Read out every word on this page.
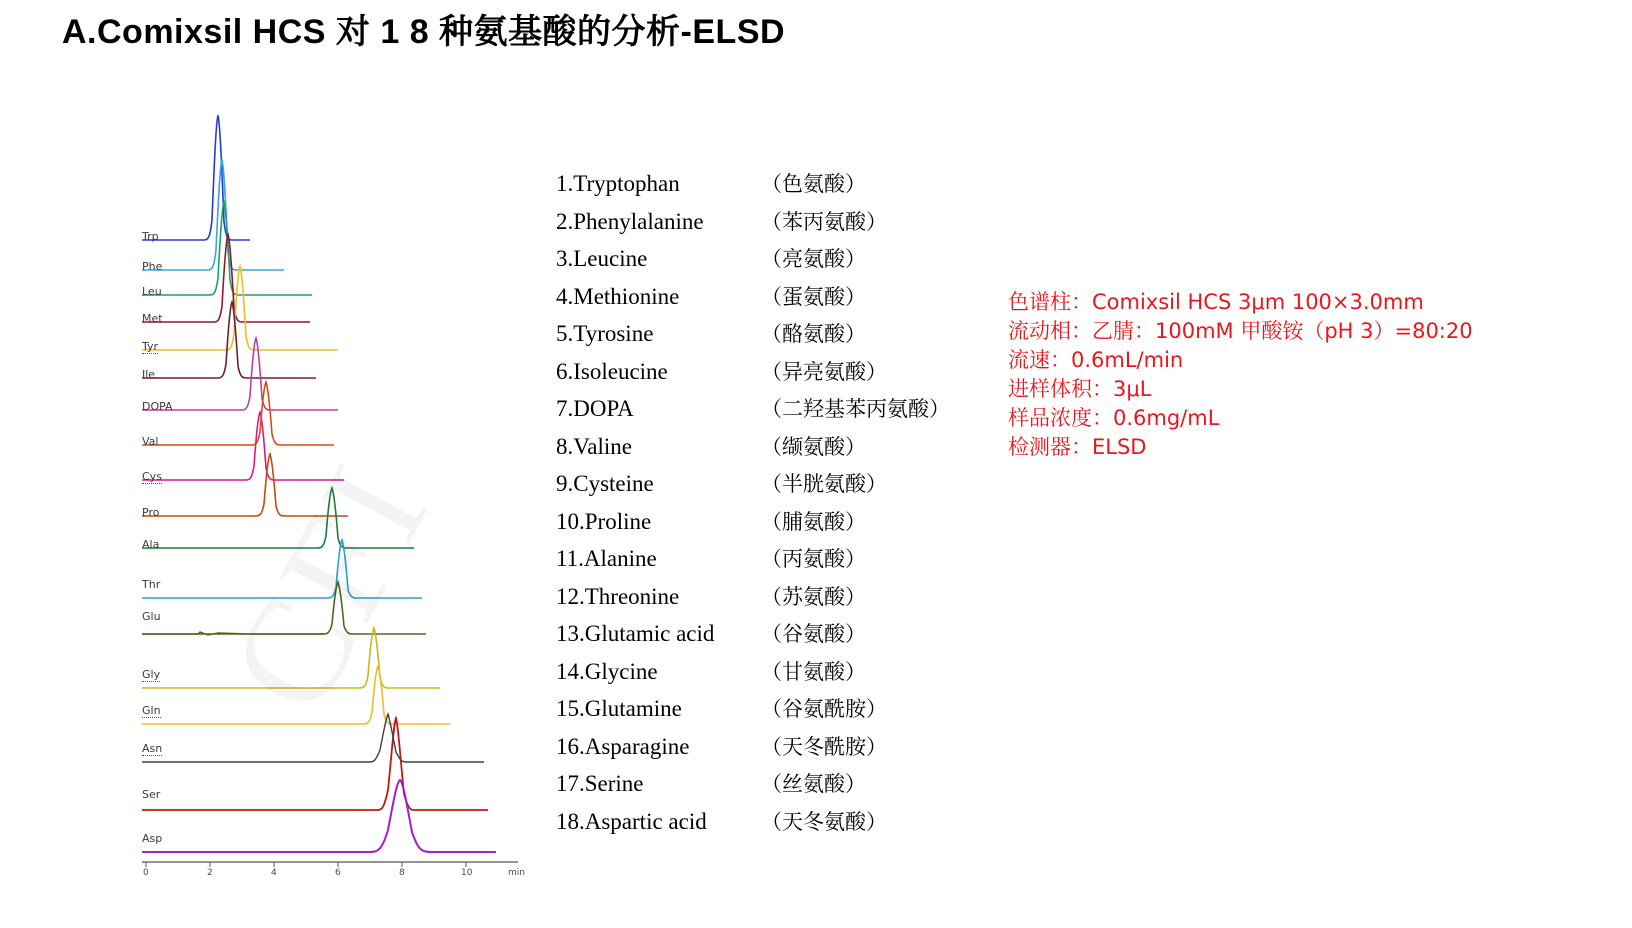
A.Comixsil HCS 对 1 8 种氨基酸的分析-ELSD
Trp
Phe
Leu
Met
Tyr
Ile
DOPA
Val
Cys
Pro
Ala
Thr
Glu
Gly
Gln
Asn
Ser
Asp
0	2	4	6	8	10	min
1.Tryptophan	（色氨酸）
2.Phenylalanine	（苯丙氨酸）
3.Leucine	（亮氨酸）
4.Methionine	（蛋氨酸）
5.Tyrosine	（酪氨酸）
6.Isoleucine	（异亮氨酸）
7.DOPA	（二羟基苯丙氨酸）
8.Valine	（缬氨酸）
9.Cysteine	（半胱氨酸）
10.Proline	（脯氨酸）
11.Alanine	（丙氨酸）
12.Threonine	（苏氨酸）
13.Glutamic acid	（谷氨酸）
14.Glycine	（甘氨酸）
15.Glutamine	（谷氨酰胺）
16.Asparagine	（天冬酰胺）
17.Serine	（丝氨酸）
18.Aspartic acid	（天冬氨酸）
色谱柱：Comixsil HCS 3μm 100×3.0mm
流动相：乙腈：100mM 甲酸铵（pH 3）=80:20
流速：0.6mL/min
进样体积：3μL
样品浓度：0.6mg/mL
检测器：ELSD
